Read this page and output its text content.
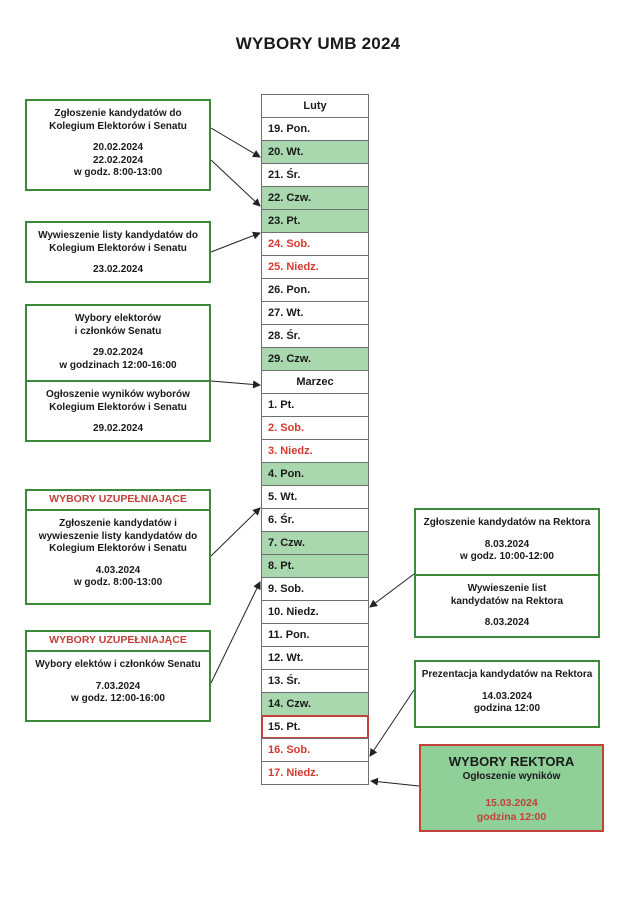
WYBORY UMB 2024
Luty
19. Pon.
20. Wt.
21. Śr.
22. Czw.
23. Pt.
24. Sob.
25. Niedz.
26. Pon.
27. Wt.
28. Śr.
29. Czw.
Marzec
1. Pt.
2. Sob.
3. Niedz.
4. Pon.
5. Wt.
6. Śr.
7. Czw.
8. Pt.
9. Sob.
10. Niedz.
11. Pon.
12. Wt.
13. Śr.
14. Czw.
15. Pt.
16. Sob.
17. Niedz.

Zgłoszenie kandydatów do

Kolegium Elektorów i Senatu

20.02.2024

22.02.2024

w godz. 8:00-13:00

Wywieszenie listy kandydatów do

Kolegium Elektorów i Senatu

23.02.2024

Wybory elektorów

i członków Senatu

29.02.2024

w godzinach 12:00-16:00

Ogłoszenie wyników wyborów

Kolegium Elektorów i Senatu

29.02.2024

WYBORY UZUPEŁNIAJĄCE

Zgłoszenie kandydatów i

wywieszenie listy kandydatów do

Kolegium Elektorów i Senatu

4.03.2024

w godz. 8:00-13:00

WYBORY UZUPEŁNIAJĄCE

Wybory elektów i członków Senatu

7.03.2024

w godz. 12:00-16:00

Zgłoszenie kandydatów na Rektora

8.03.2024

w godz. 10:00-12:00

Wywieszenie list

kandydatów na Rektora

8.03.2024

Prezentacja kandydatów na Rektora

14.03.2024

godzina 12:00

WYBORY REKTORA
Ogłoszenie wyników
15.03.2024
godzina 12:00
